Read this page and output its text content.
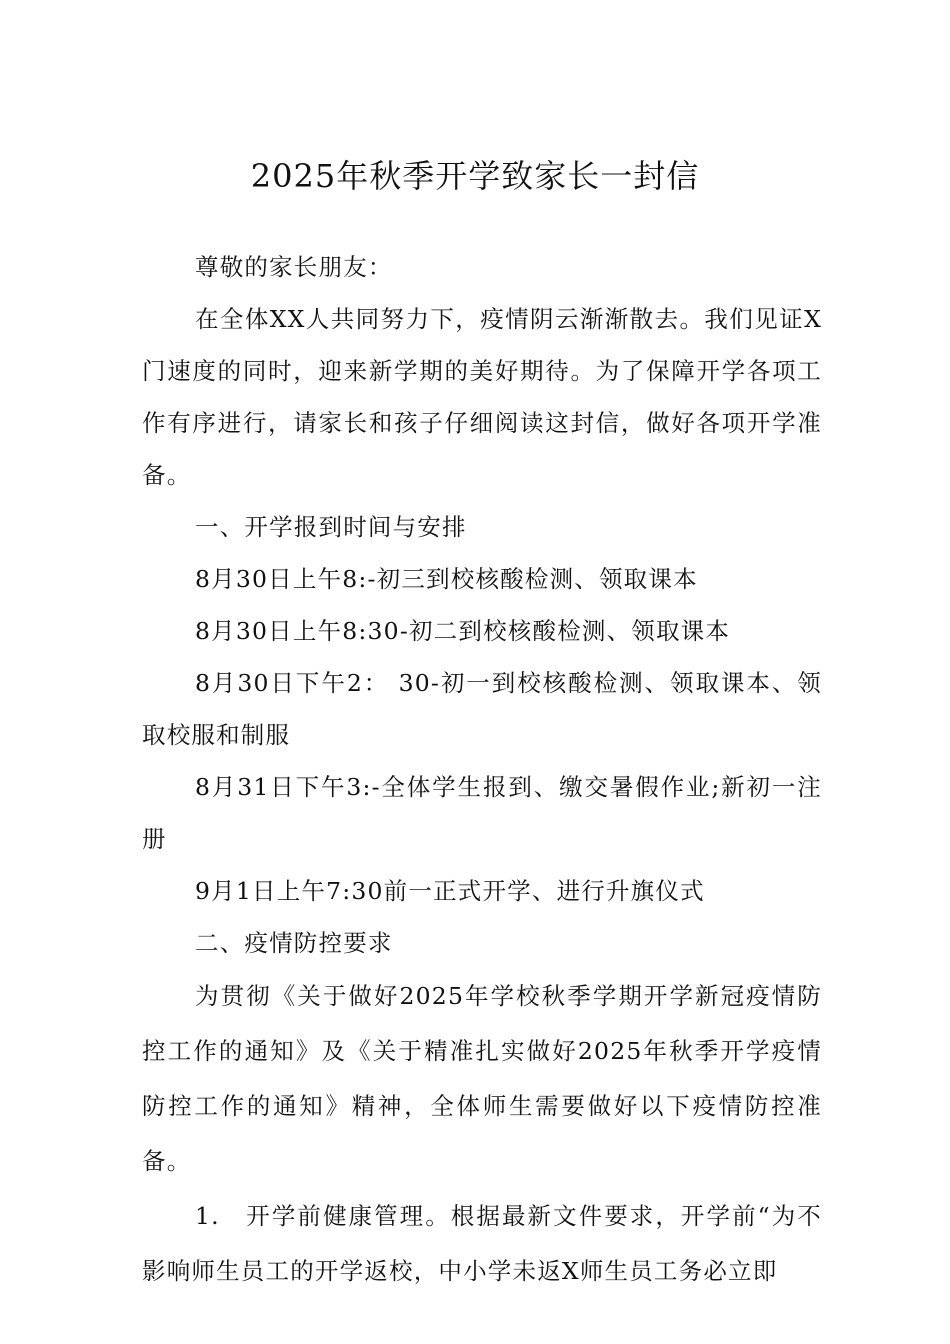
2025年秋季开学致家长一封信

尊敬的家长朋友：

在全体XX人共同努力下，疫情阴云渐渐散去。我们见证X门速度的同时，迎来新学期的美好期待。为了保障开学各项工作有序进行，请家长和孩子仔细阅读这封信，做好各项开学准备。

一、开学报到时间与安排

8月30日上午8:-初三到校核酸检测、领取课本

8月30日上午8:30-初二到校核酸检测、领取课本

8月30日下午2： 30-初一到校核酸检测、领取课本、领取校服和制服

8月31日下午3:-全体学生报到、缴交暑假作业;新初一注册

9月1日上午7:30前一正式开学、进行升旗仪式

二、疫情防控要求

为贯彻《关于做好2025年学校秋季学期开学新冠疫情防控工作的通知》及《关于精准扎实做好2025年秋季开学疫情防控工作的通知》精神，全体师生需要做好以下疫情防控准备。

1.　开学前健康管理。根据最新文件要求，开学前“为不影响师生员工的开学返校，中小学未返X师生员工务必立即
